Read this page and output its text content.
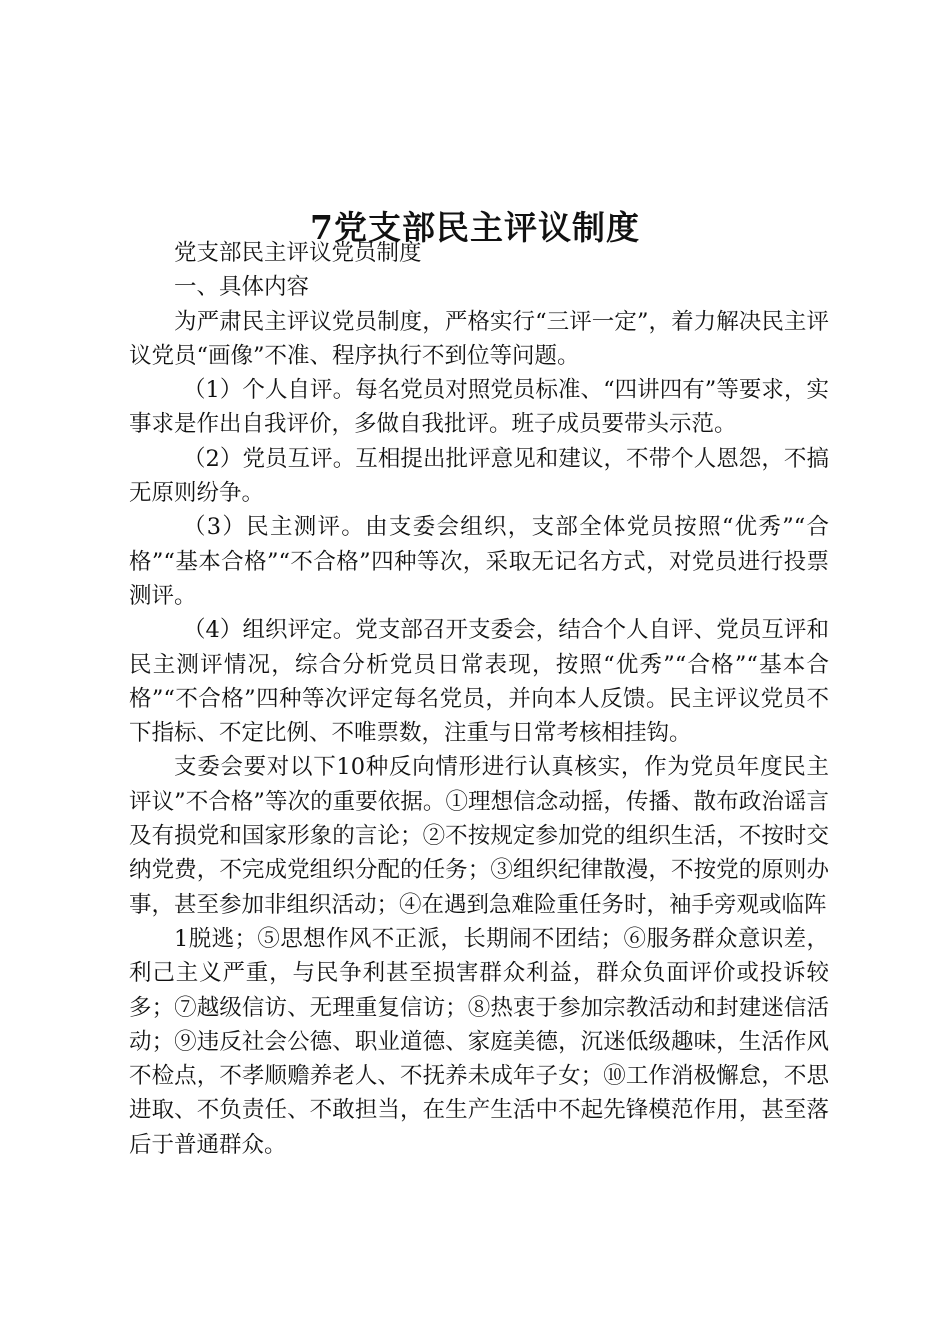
7党支部民主评议制度

党支部民主评议党员制度

一、具体内容

为严肃民主评议党员制度，严格实行“三评一定”，着力解决民主评议党员“画像”不准、程序执行不到位等问题。

（1）个人自评。每名党员对照党员标准、“四讲四有”等要求，实事求是作出自我评价，多做自我批评。班子成员要带头示范。

（2）党员互评。互相提出批评意见和建议，不带个人恩怨，不搞无原则纷争。

（3）民主测评。由支委会组织，支部全体党员按照“优秀”“合格”“基本合格”“不合格”四种等次，采取无记名方式，对党员进行投票测评。

（4）组织评定。党支部召开支委会，结合个人自评、党员互评和民主测评情况，综合分析党员日常表现，按照“优秀”“合格”“基本合格”“不合格”四种等次评定每名党员，并向本人反馈。民主评议党员不下指标、不定比例、不唯票数，注重与日常考核相挂钩。

支委会要对以下10种反向情形进行认真核实，作为党员年度民主评议”不合格”等次的重要依据。①理想信念动摇，传播、散布政治谣言及有损党和国家形象的言论；②不按规定参加党的组织生活，不按时交纳党费，不完成党组织分配的任务；③组织纪律散漫，不按党的原则办事，甚至参加非组织活动；④在遇到急难险重任务时，袖手旁观或临阵

1脱逃；⑤思想作风不正派，长期闹不团结；⑥服务群众意识差，利己主义严重，与民争利甚至损害群众利益，群众负面评价或投诉较多；⑦越级信访、无理重复信访；⑧热衷于参加宗教活动和封建迷信活动；⑨违反社会公德、职业道德、家庭美德，沉迷低级趣味，生活作风不检点，不孝顺赡养老人、不抚养未成年子女；⑩工作消极懈怠，不思进取、不负责任、不敢担当，在生产生活中不起先锋模范作用，甚至落后于普通群众。
